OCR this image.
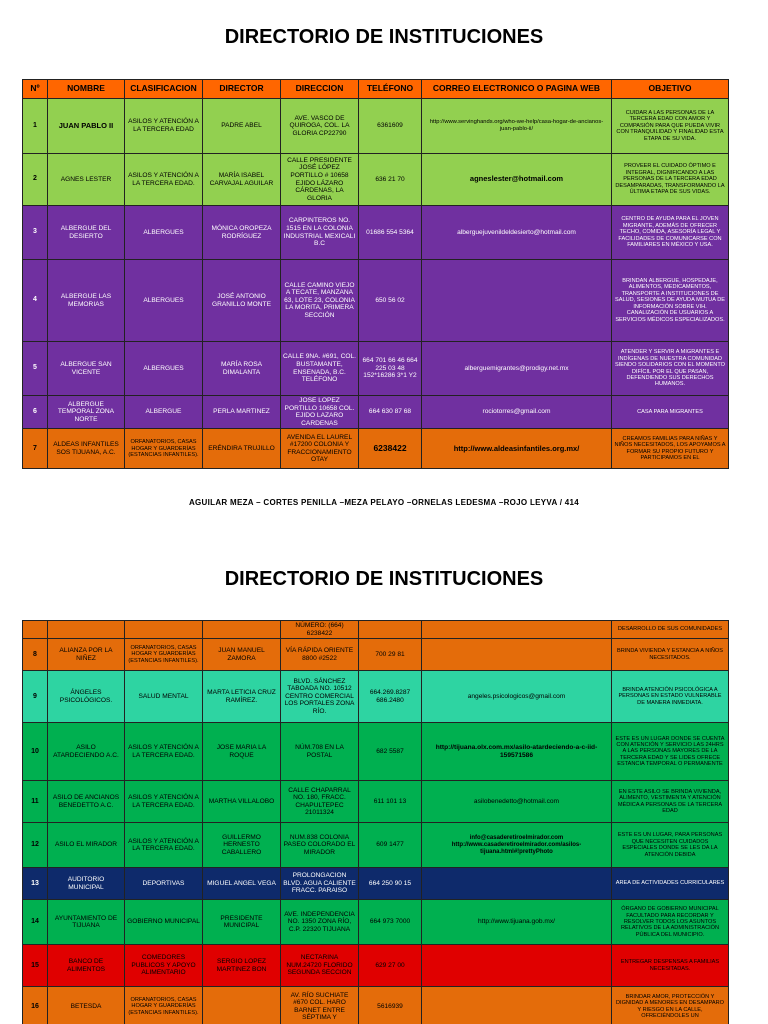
DIRECTORIO DE INSTITUCIONES
Nº	NOMBRE	CLASIFICACION	DIRECTOR	DIRECCION	TELÉFONO	CORREO ELECTRONICO O PAGINA WEB	OBJETIVO
1	JUAN PABLO II	ASILOS Y ATENCIÓN A LA TERCERA EDAD	PADRE ABEL	AVE. VASCO DE QUIROGA, COL. LA GLORIA CP22790	6361609	http://www.servinghands.org/who-we-help/casa-hogar-de-ancianos-juan-pablo-ii/	CUIDAR A LAS PERSONAS DE LA TERCERA EDAD CON AMOR Y COMPASIÓN PARA QUE PUEDA VIVIR CON TRANQUILIDAD Y FINALIDAD ESTA ETAPA DE SU VIDA.
2	AGNES LESTER	ASILOS Y ATENCIÓN A LA TERCERA EDAD.	MARÍA ISABEL CARVAJAL AGUILAR	CALLE PRESIDENTE JOSÉ LÓPEZ PORTILLO # 10658 EJIDO LÁZARO CÁRDENAS, LA GLORIA	636 21 70	agneslester@hotmail.com	PROVEER EL CUIDADO ÓPTIMO E INTEGRAL, DIGNIFICANDO A LAS PERSONAS DE LA TERCERA EDAD DESAMPARADAS, TRANSFORMANDO LA ÚLTIMA ETAPA DE SUS VIDAS.
3	ALBERGUE DEL DESIERTO	ALBERGUES	MÓNICA OROPEZA RODRÍGUEZ	CARPINTEROS NO. 1515 EN LA COLONIA INDUSTRIAL MEXICALI B.C	01686 554 5364	alberguejuvenildeldesierto@hotmail.com	CENTRO DE AYUDA PARA EL JOVEN MIGRANTE, ADEMÁS DE OFRECER TECHO, COMIDA, ASESORÍA LEGAL Y FACILIDADES DE COMUNICARSE CON FAMILIARES EN MÉXICO Y USA.
4	ALBERGUE LAS MEMORIAS	ALBERGUES	JOSÉ ANTONIO GRANILLO MONTE	CALLE CAMINO VIEJO A TECATE, MANZANA 63, LOTE 23, COLONIA LA MORITA, PRIMERA SECCIÓN	650 56 02		BRINDAN ALBERGUE, HOSPEDAJE, ALIMENTOS, MEDICAMENTOS, TRANSPORTE A INSTITUCIONES DE SALUD, SESIONES DE AYUDA MUTUA DE INFORMACIÓN SOBRE VIH. CANALIZACIÓN DE USUARIOS A SERVICIOS MÉDICOS ESPECIALIZADOS.
5	ALBERGUE SAN VICENTE	ALBERGUES	MARÍA ROSA DIMALANTA	CALLE 9NA. #691, COL. BUSTAMANTE, ENSENADA, B.C. TELÉFONO	664 701 66 46 664 225 03 48 152*16286 3*1 Y2	alberguemigrantes@prodigy.net.mx	ATENDER Y SERVIR A MIGRANTES E INDÍGENAS DE NUESTRA COMUNIDAD SIENDO SOLIDARIOS CON EL MOMENTO DIFÍCIL POR EL QUE PASAN, DEFENDIENDO SUS DERECHOS HUMANOS.
6	ALBERGUE TEMPORAL ZONA NORTE	ALBERGUE	PERLA MARTINEZ	JOSE LOPEZ PORTILLO 10658 COL. EJIDO LAZARO CARDENAS	664 630 87 68	rociotorres@gmail.com	CASA PARA MIGRANTES
7	ALDEAS INFANTILES SOS TIJUANA, A.C.	ORFANATORIOS, CASAS HOGAR Y GUARDERÍAS (ESTANCIAS INFANTILES).	ERÉNDIRA TRUJILLO	AVENIDA EL LAUREL #17200 COLONIA Y FRACCIONAMIENTO OTAY	6238422	http://www.aldeasinfantiles.org.mx/	CREAMOS FAMILIAS PARA NIÑAS Y NIÑOS NECESITADOS, LOS APOYAMOS A FORMAR SU PROPIO FUTURO Y PARTICIPAMOS EN EL
AGUILAR MEZA – CORTES PENILLA –MEZA PELAYO –ORNELAS LEDESMA –ROJO LEYVA / 414
DIRECTORIO DE INSTITUCIONES
				NÚMERO: (664) 6238422			DESARROLLO DE SUS COMUNIDADES
8	ALIANZA POR LA NIÑEZ	ORFANATORIOS, CASAS HOGAR Y GUARDERÍAS (ESTANCIAS INFANTILES).	JUAN MANUEL ZAMORA	VÍA RÁPIDA ORIENTE 8800 #2522	700 29 81		BRINDA VIVIENDA Y ESTANCIA A NIÑOS NECESITADOS.
9	ÁNGELES PSICOLÓGICOS.	SALUD MENTAL	MARTA LETICIA CRUZ RAMÍREZ.	BLVD. SÁNCHEZ TABOADA NO. 10512 CENTRO COMERCIAL LOS PORTALES ZONA RÍO.	664.269.8287 686.2480	angeles.psicologicos@gmail.com	BRINDA ATENCIÓN PSICOLÓGICA A PERSONAS EN ESTADO VULNERABLE DE MANERA INMEDIATA.
10	ASILO ATARDECIENDO A.C.	ASILOS Y ATENCIÓN A LA TERCERA EDAD.	JOSE MARIA LA ROQUE	NÚM.708 EN LA POSTAL	682 5587	http://tijuana.olx.com.mx/asilo-atardeciendo-a-c-iid-159571586	ESTE ES UN LUGAR DONDE SE CUENTA CON ATENCIÓN Y SERVICIO LAS 24HRS A LAS PERSONAS MAYORES DE LA TERCERA EDAD Y SE LIDES OFRECE ESTANCIA TEMPORAL O PERMANENTE
11	ASILO DE ANCIANOS BENEDETTO A.C.	ASILOS Y ATENCIÓN A LA TERCERA EDAD.	MARTHA VILLALOBO	CALLE CHAPARRAL NO. 180, FRACC. CHAPULTEPEC 21011324	611 101 13	asilobenedetto@hotmail.com	EN ESTE ASILO SE BRINDA VIVIENDA, ALIMENTO, VESTIMENTA Y ATENCIÓN MÉDICA A PERSONAS DE LA TERCERA EDAD
12	ASILO EL MIRADOR	ASILOS Y ATENCIÓN A LA TERCERA EDAD.	GUILLERMO HERNESTO CABALLERO	NUM.838 COLONIA PASEO COLORADO EL MIRADOR	609 1477	info@casaderetiroelmirador.com http://www.casaderetiroelmirador.com/asilos-tijuana.html#!prettyPhoto	ESTE ES UN LUGAR, PARA PERSONAS QUE NECESITEN CUIDADOS ESPECIALES DONDE SE LES DA LA ATENCIÓN DEBIDA
13	AUDITORIO MUNICIPAL	DEPORTIVAS	MIGUEL ANGEL VEGA	PROLONGACION BLVD. AGUA CALIENTE FRACC. PARAISO	664 250 90 15		AREA DE ACTIVIDADES CURRICULARES
14	AYUNTAMIENTO DE TIJUANA	GOBIERNO MUNICIPAL	PRESIDENTE MUNICIPAL	AVE. INDEPENDENCIA NO. 1350 ZONA RÍO, C.P. 22320 TIJUANA	664 973 7000	http://www.tijuana.gob.mx/	ÓRGANO DE GOBIERNO MUNICIPAL FACULTADO PARA RECORDAR Y RESOLVER TODOS LOS ASUNTOS RELATIVOS DE LA ADMINISTRACIÓN PÚBLICA DEL MUNICIPIO.
15	BANCO DE ALIMENTOS	COMEDORES PUBLICOS Y APOYO ALIMENTARIO	SERGIO LOPEZ MARTINEZ BON	NECTARINA NUM.24720 FLORIDO SEGUNDA SECCION	629 27 00		ENTREGAR DESPENSAS A FAMILIAS NECESITADAS.
16	BETESDA	ORFANATORIOS, CASAS HOGAR Y GUARDERÍAS (ESTANCIAS INFANTILES).		AV. RÍO SUCHIATE #670 COL. HARO BARNET ENTRE SÉPTIMA Y	5616939		BRINDAR AMOR, PROTECCIÓN Y DIGNIDAD A MENORES EN DESAMPARO Y RIESGO EN LA CALLE, OFRECIÉNDOLES UN
